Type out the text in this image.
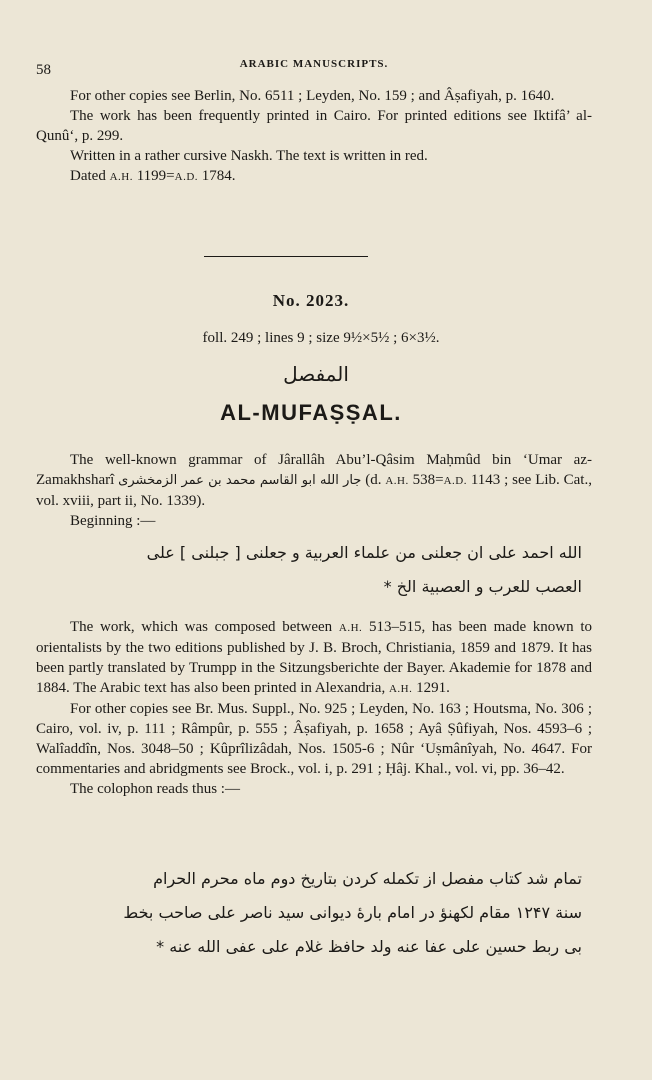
58	ARABIC MANUSCRIPTS.

For other copies see Berlin, No. 6511 ; Leyden, No. 159 ; and Âṣafiyah, p. 1640.

The work has been frequently printed in Cairo. For printed editions see Iktifâ’ al-Qunû‘, p. 299.

Written in a rather cursive Naskh. The text is written in red.

Dated A.H. 1199=A.D. 1784.

No. 2023.
foll. 249 ; lines 9 ; size 9½×5½ ; 6×3½.
المفصل
AL-MUFAṢṢAL.

The well-known grammar of Jârallâh Abu’l-Qâsim Maḥmûd bin ‘Umar az-Zamakhsharî جار الله ابو القاسم محمد بن عمر الزمخشرى (d. A.H. 538=A.D. 1143 ; see Lib. Cat., vol. xviii, part ii, No. 1339).

Beginning :—

الله احمد على ان جعلنى من علماء العربية و جعلنى [ جبلنى ] على

العصب للعرب و العصبية الخ *

The work, which was composed between A.H. 513–515, has been made known to orientalists by the two editions published by J. B. Broch, Christiania, 1859 and 1879. It has been partly translated by Trumpp in the Sitzungsberichte der Bayer. Akademie for 1878 and 1884. The Arabic text has also been printed in Alexandria, A.H. 1291.

For other copies see Br. Mus. Suppl., No. 925 ; Leyden, No. 163 ; Houtsma, No. 306 ; Cairo, vol. iv, p. 111 ; Râmpûr, p. 555 ; Âṣafiyah, p. 1658 ; Ayâ Ṣûfiyah, Nos. 4593–6 ; Walîaddîn, Nos. 3048–50 ; Kûprîlizâdah, Nos. 1505-6 ; Nûr ‘Uṣmânîyah, No. 4647. For commentaries and abridgments see Brock., vol. i, p. 291 ; Ḥâj. Khal., vol. vi, pp. 36–42.

The colophon reads thus :—

تمام شد کتاب مفصل از تکمله کردن بتاریخ دوم ماه محرم الحرام

سنة ۱۲۴۷ مقام لکهنؤ در امام بارهٔ دیوانی سید ناصر علی صاحب بخط

بی ربط حسین علی عفا عنه ولد حافظ غلام علی عفی الله عنه *
